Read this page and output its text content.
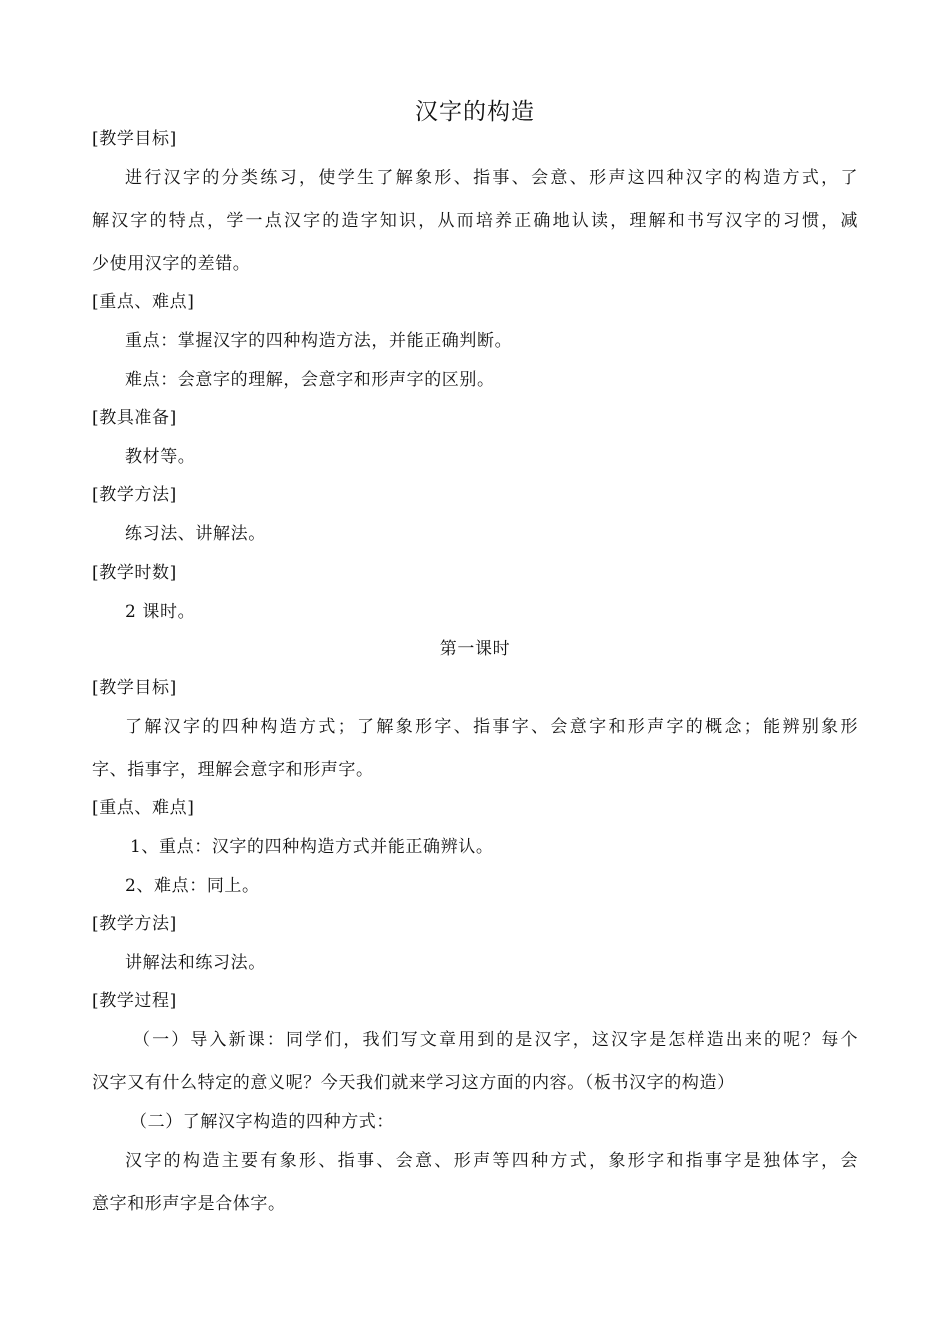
汉字的构造
[教学目标]
进行汉字的分类练习，使学生了解象形、指事、会意、形声这四种汉字的构造方式，了
解汉字的特点，学一点汉字的造字知识，从而培养正确地认读，理解和书写汉字的习惯，减
少使用汉字的差错。
[重点、难点]
重点：掌握汉字的四种构造方法，并能正确判断。
难点：会意字的理解，会意字和形声字的区别。
[教具准备]
教材等。
[教学方法]
练习法、讲解法。
[教学时数]
2 课时。
第一课时
[教学目标]
了解汉字的四种构造方式；了解象形字、指事字、会意字和形声字的概念；能辨别象形
字、指事字，理解会意字和形声字。
[重点、难点]
1、重点：汉字的四种构造方式并能正确辨认。
2、难点：同上。
[教学方法]
讲解法和练习法。
[教学过程]
（一）导入新课：同学们，我们写文章用到的是汉字，这汉字是怎样造出来的呢？每个
汉字又有什么特定的意义呢？今天我们就来学习这方面的内容。（板书汉字的构造）
（二）了解汉字构造的四种方式：
汉字的构造主要有象形、指事、会意、形声等四种方式，象形字和指事字是独体字，会
意字和形声字是合体字。
